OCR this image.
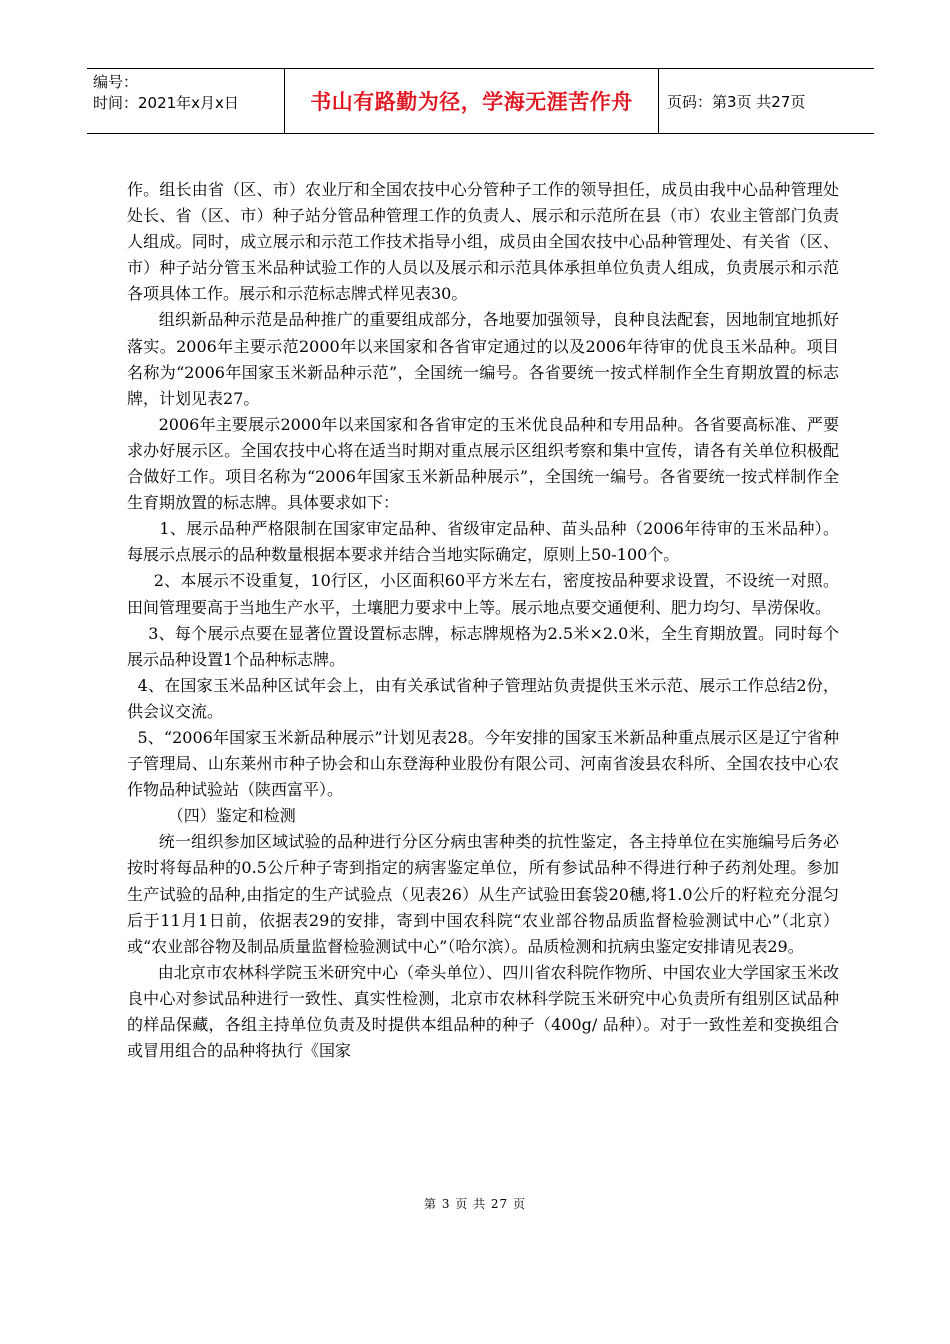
编号：
时间：2021年x月x日	书山有路勤为径，学海无涯苦作舟	页码：第3页 共27页

作。组长由省（区、市）农业厅和全国农技中心分管种子工作的领导担任，成员由我中心品种管理处处长、省（区、市）种子站分管品种管理工作的负责人、展示和示范所在县（市）农业主管部门负责人组成。同时，成立展示和示范工作技术指导小组，成员由全国农技中心品种管理处、有关省（区、市）种子站分管玉米品种试验工作的人员以及展示和示范具体承担单位负责人组成，负责展示和示范各项具体工作。展示和示范标志牌式样见表30。

组织新品种示范是品种推广的重要组成部分，各地要加强领导，良种良法配套，因地制宜地抓好落实。2006年主要示范2000年以来国家和各省审定通过的以及2006年待审的优良玉米品种。项目名称为“2006年国家玉米新品种示范”，全国统一编号。各省要统一按式样制作全生育期放置的标志牌，计划见表27。

2006年主要展示2000年以来国家和各省审定的玉米优良品种和专用品种。各省要高标准、严要求办好展示区。全国农技中心将在适当时期对重点展示区组织考察和集中宣传，请各有关单位积极配合做好工作。项目名称为“2006年国家玉米新品种展示”，全国统一编号。各省要统一按式样制作全生育期放置的标志牌。具体要求如下：

1、展示品种严格限制在国家审定品种、省级审定品种、苗头品种（2006年待审的玉米品种）。每展示点展示的品种数量根据本要求并结合当地实际确定，原则上50-100个。

2、本展示不设重复，10行区，小区面积60平方米左右，密度按品种要求设置，不设统一对照。田间管理要高于当地生产水平，土壤肥力要求中上等。展示地点要交通便利、肥力均匀、旱涝保收。

3、每个展示点要在显著位置设置标志牌，标志牌规格为2.5米×2.0米，全生育期放置。同时每个展示品种设置1个品种标志牌。

4、在国家玉米品种区试年会上，由有关承试省种子管理站负责提供玉米示范、展示工作总结2份，供会议交流。

5、“2006年国家玉米新品种展示”计划见表28。今年安排的国家玉米新品种重点展示区是辽宁省种子管理局、山东莱州市种子协会和山东登海种业股份有限公司、河南省浚县农科所、全国农技中心农作物品种试验站（陕西富平）。

（四）鉴定和检测

统一组织参加区域试验的品种进行分区分病虫害种类的抗性鉴定，各主持单位在实施编号后务必按时将每品种的0.5公斤种子寄到指定的病害鉴定单位，所有参试品种不得进行种子药剂处理。参加生产试验的品种,由指定的生产试验点（见表26）从生产试验田套袋20穗,将1.0公斤的籽粒充分混匀后于11月1日前，依据表29的安排，寄到中国农科院“农业部谷物品质监督检验测试中心”（北京）或“农业部谷物及制品质量监督检验测试中心”（哈尔滨）。品质检测和抗病虫鉴定安排请见表29。

由北京市农林科学院玉米研究中心（牵头单位）、四川省农科院作物所、中国农业大学国家玉米改良中心对参试品种进行一致性、真实性检测，北京市农林科学院玉米研究中心负责所有组别区试品种的样品保藏，各组主持单位负责及时提供本组品种的种子（400g/ 品种）。对于一致性差和变换组合或冒用组合的品种将执行《国家

第 3 页 共 27 页
